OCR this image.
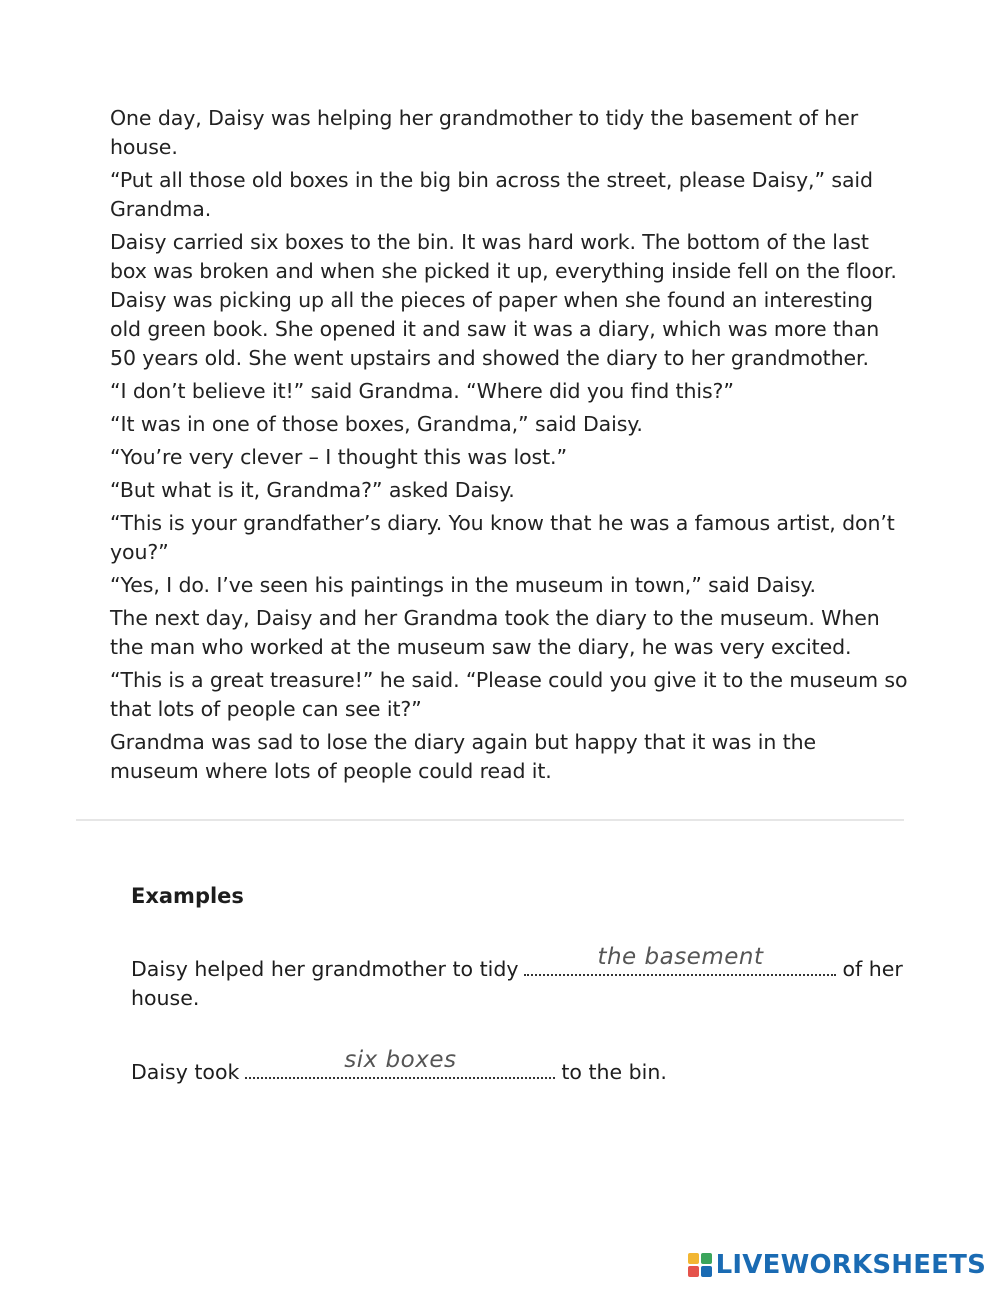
One day, Daisy was helping her grandmother to tidy the basement of her house.

“Put all those old boxes in the big bin across the street, please Daisy,” said Grandma.

Daisy carried six boxes to the bin. It was hard work. The bottom of the last box was broken and when she picked it up, everything inside fell on the floor. Daisy was picking up all the pieces of paper when she found an interesting old green book. She opened it and saw it was a diary, which was more than 50 years old. She went upstairs and showed the diary to her grandmother.

“I don’t believe it!” said Grandma. “Where did you find this?”

“It was in one of those boxes, Grandma,” said Daisy.

“You’re very clever – I thought this was lost.”

“But what is it, Grandma?” asked Daisy.

“This is your grandfather’s diary. You know that he was a famous artist, don’t you?”

“Yes, I do. I’ve seen his paintings in the museum in town,” said Daisy.

The next day, Daisy and her Grandma took the diary to the museum. When the man who worked at the museum saw the diary, he was very excited.

“This is a great treasure!” he said. “Please could you give it to the museum so that lots of people can see it?”

Grandma was sad to lose the diary again but happy that it was in the museum where lots of people could read it.

Examples
Daisy helped her grandmother to tidy	the basement	of her house.
Daisy took	six boxes	to the bin.
LIVEWORKSHEETS
